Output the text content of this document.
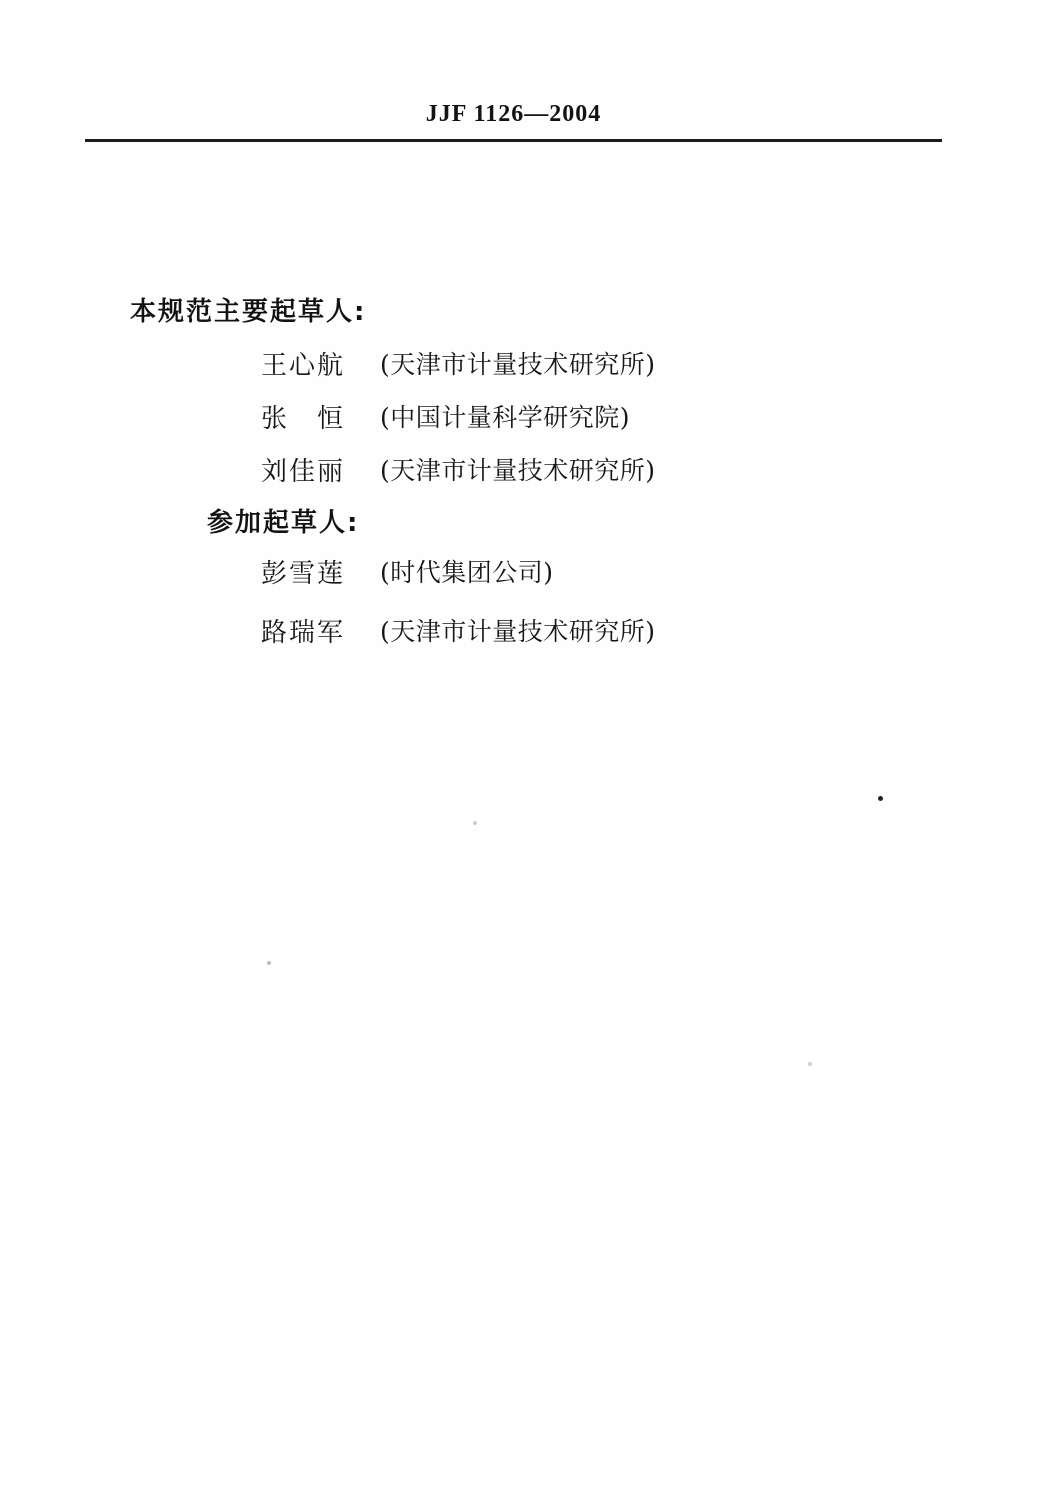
JJF 1126—2004
本规范主要起草人:
王心航 (天津市计量技术研究所)
张　恒 (中国计量科学研究院)
刘佳丽 (天津市计量技术研究所)
参加起草人:
彭雪莲 (时代集团公司)
路瑞军 (天津市计量技术研究所)
